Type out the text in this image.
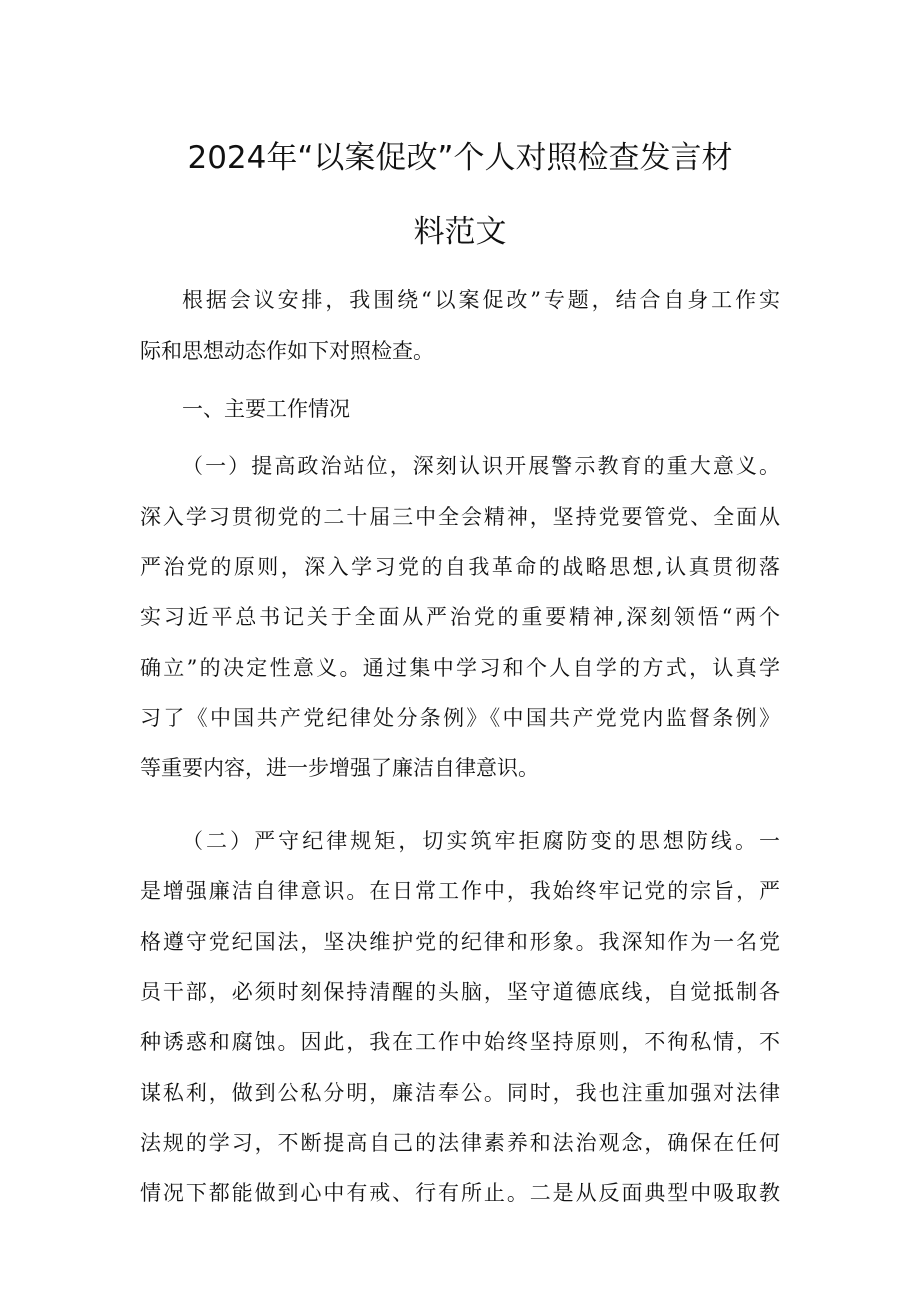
2024年“以案促改”个人对照检查发言材
料范文
根据会议安排，我围绕“以案促改”专题，结合自身工作实
际和思想动态作如下对照检查。
一、主要工作情况
（一）提高政治站位，深刻认识开展警示教育的重大意义。
深入学习贯彻党的二十届三中全会精神，坚持党要管党、全面从
严治党的原则，深入学习党的自我革命的战略思想,认真贯彻落
实习近平总书记关于全面从严治党的重要精神,深刻领悟“两个
确立”的决定性意义。通过集中学习和个人自学的方式，认真学
习了《中国共产党纪律处分条例》《中国共产党党内监督条例》
等重要内容，进一步增强了廉洁自律意识。
（二）严守纪律规矩，切实筑牢拒腐防变的思想防线。一
是增强廉洁自律意识。在日常工作中，我始终牢记党的宗旨，严
格遵守党纪国法，坚决维护党的纪律和形象。我深知作为一名党
员干部，必须时刻保持清醒的头脑，坚守道德底线，自觉抵制各
种诱惑和腐蚀。因此，我在工作中始终坚持原则，不徇私情，不
谋私利，做到公私分明，廉洁奉公。同时，我也注重加强对法律
法规的学习，不断提高自己的法律素养和法治观念，确保在任何
情况下都能做到心中有戒、行有所止。二是从反面典型中吸取教
